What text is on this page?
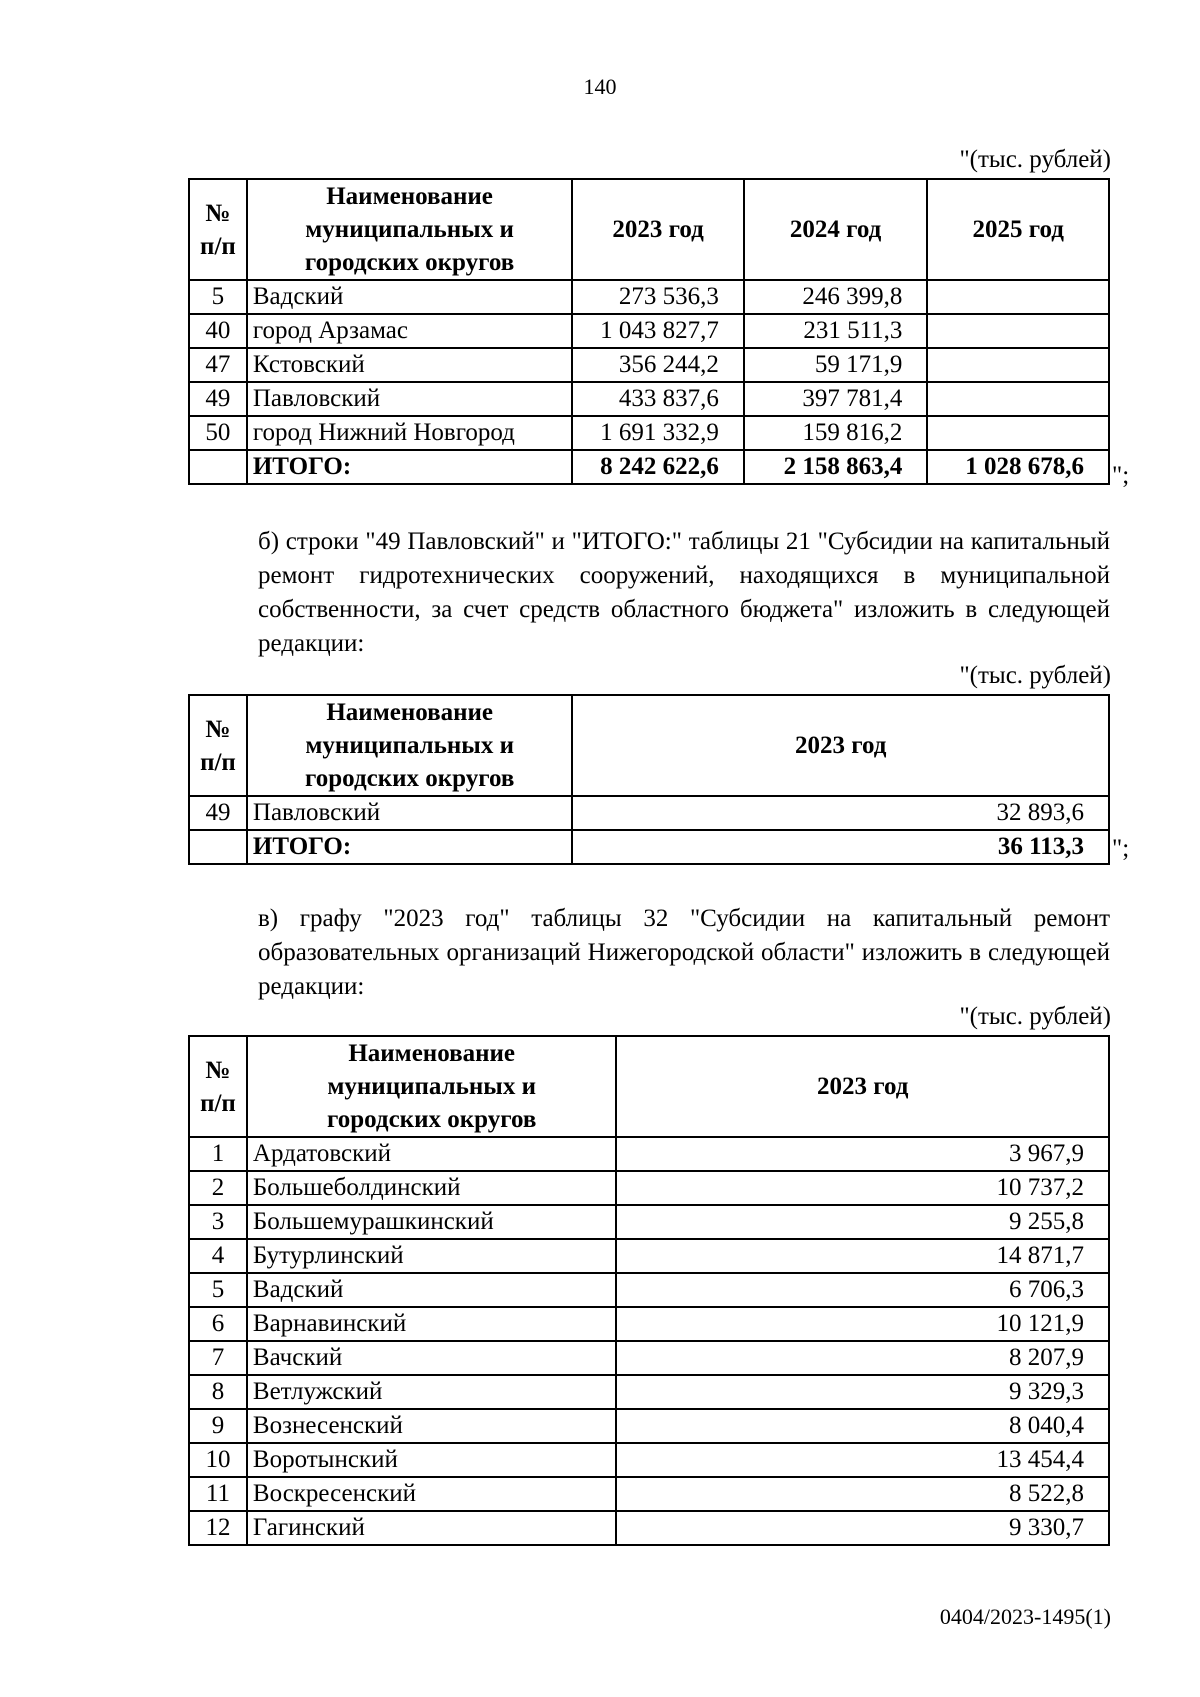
140
"(тыс. рублей)
№
п/п	Наименование
муниципальных и
городских округов	2023 год	2024 год	2025 год
5	Вадский	273 536,3	246 399,8	
40	город Арзамас	1 043 827,7	231 511,3	
47	Кстовский	356 244,2	59 171,9	
49	Павловский	433 837,6	397 781,4	
50	город Нижний Новгород	1 691 332,9	159 816,2	
	ИТОГО:	8 242 622,6	2 158 863,4	1 028 678,6 ";
б) строки "49 Павловский" и "ИТОГО:" таблицы 21 "Субсидии на капитальный ремонт гидротехнических сооружений, находящихся в муниципальной собственности, за счет средств областного бюджета" изложить в следующей редакции:
"(тыс. рублей)
№
п/п	Наименование
муниципальных и
городских округов	2023 год
49	Павловский	32 893,6
	ИТОГО:	36 113,3 ";
в) графу "2023 год" таблицы 32 "Субсидии на капитальный ремонт образовательных организаций Нижегородской области" изложить в следующей редакции:
"(тыс. рублей)
№
п/п	Наименование
муниципальных и
городских округов	2023 год
1	Ардатовский	3 967,9
2	Большеболдинский	10 737,2
3	Большемурашкинский	9 255,8
4	Бутурлинский	14 871,7
5	Вадский	6 706,3
6	Варнавинский	10 121,9
7	Вачский	8 207,9
8	Ветлужский	9 329,3
9	Вознесенский	8 040,4
10	Воротынский	13 454,4
11	Воскресенский	8 522,8
12	Гагинский	9 330,7
0404/2023-1495(1)
